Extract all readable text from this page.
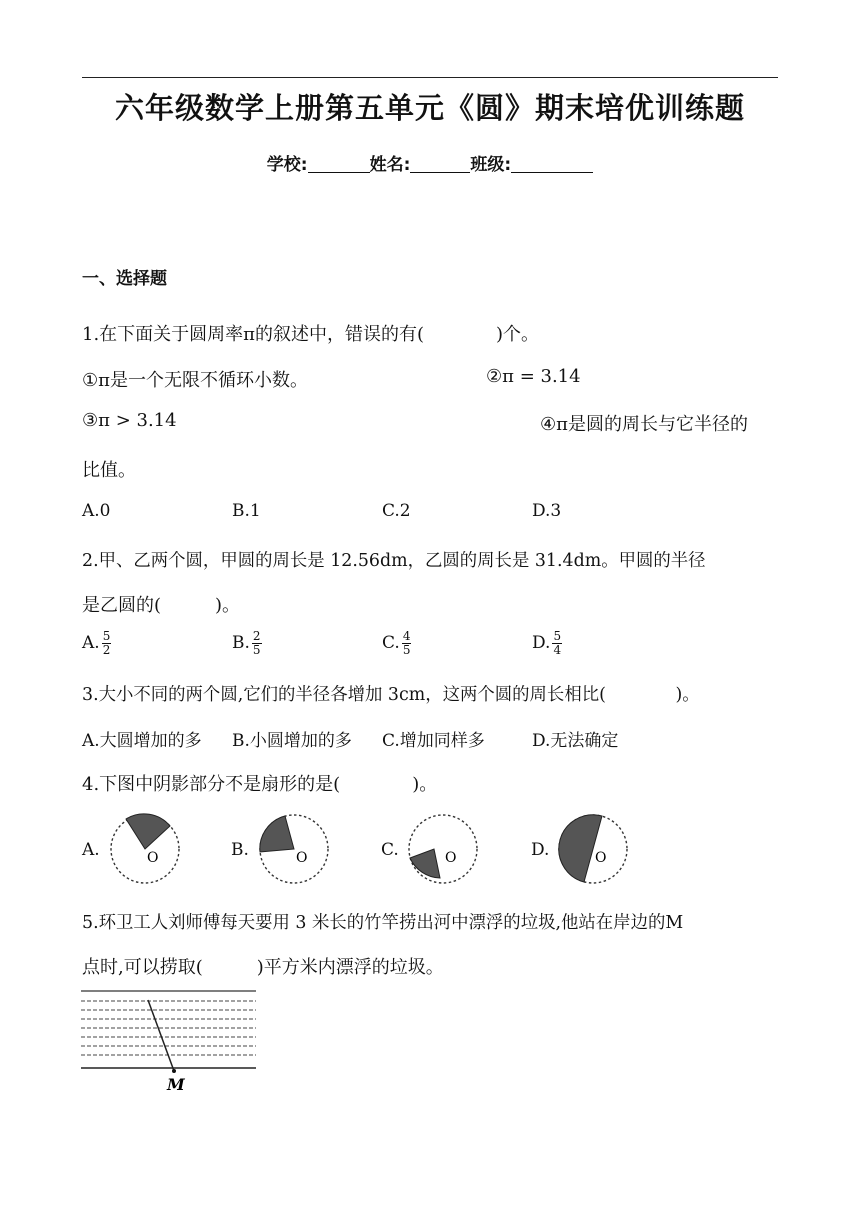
六年级数学上册第五单元《圆》期末培优训练题
学校:	姓名:	班级:
一、选择题
1.在下面关于圆周率π的叙述中，错误的有(　　　　)个。
①π是一个无限不循环小数。	②π = 3.14
③π > 3.14	④π是圆的周长与它半径的
比值。
A.0	B.1	C.2	D.3
2.甲、乙两个圆，甲圆的周长是 12.56dm，乙圆的周长是 31.4dm。甲圆的半径
是乙圆的(　　　)。
A. $\frac{5}{2}$	B. $\frac{2}{5}$	C. $\frac{4}{5}$	D. $\frac{5}{4}$
3.大小不同的两个圆,它们的半径各增加 3cm，这两个圆的周长相比(　　　　)。
A.大圆增加的多 B.小圆增加的多 C.增加同样多	D.无法确定
4.下图中阴影部分不是扇形的是(　　　　)。
A.	B.	C.	D.
O	O	O	O
5.环卫工人刘师傅每天要用 3 米长的竹竿捞出河中漂浮的垃圾,他站在岸边的M
点时,可以捞取(　　　)平方米内漂浮的垃圾。
M
